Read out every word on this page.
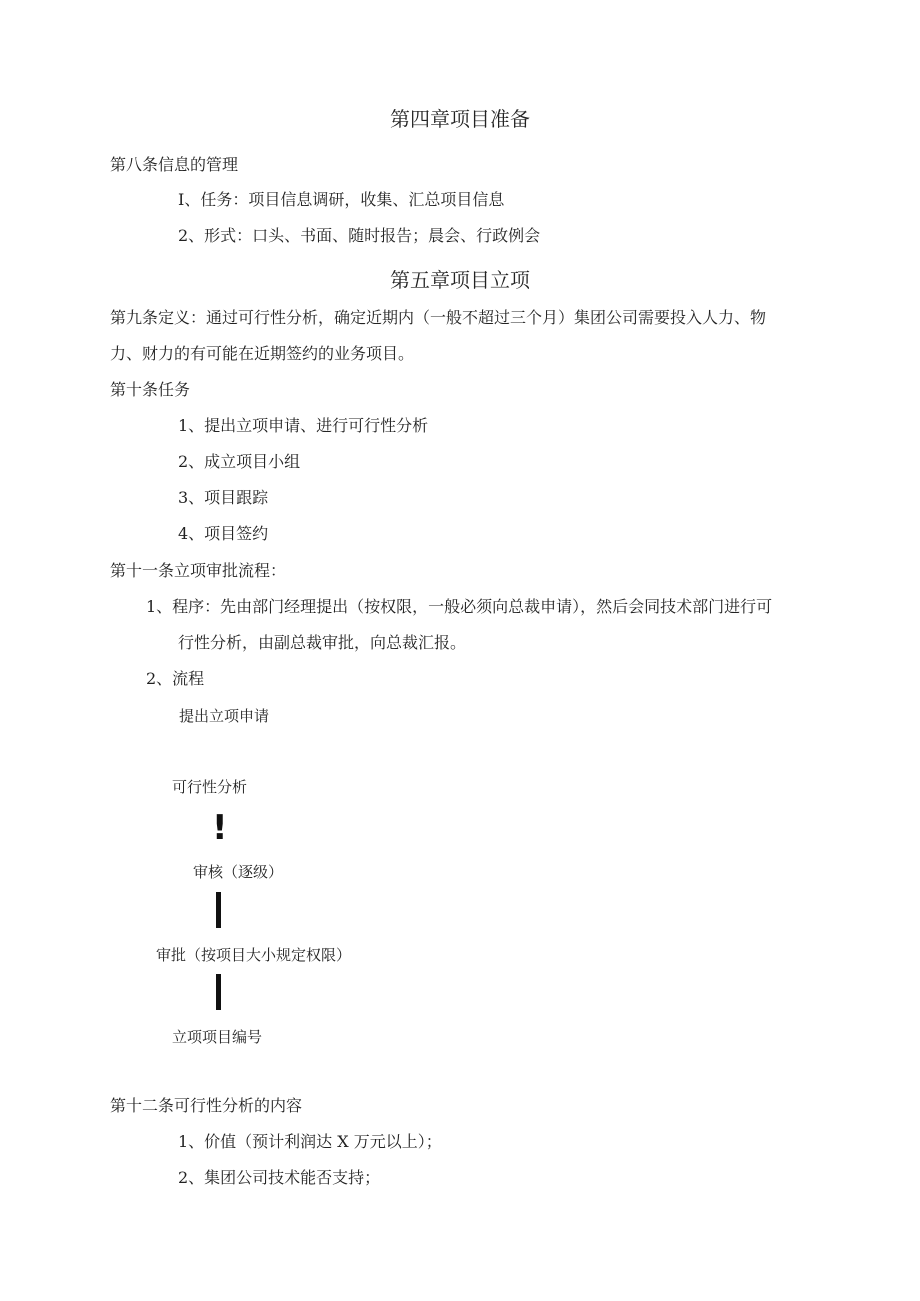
第四章项目准备
第八条信息的管理
I、任务：项目信息调研，收集、汇总项目信息
2、形式：口头、书面、随时报告；晨会、行政例会
第五章项目立项
第九条定义：通过可行性分析，确定近期内（一般不超过三个月）集团公司需要投入人力、物
力、财力的有可能在近期签约的业务项目。
第十条任务
1、提出立项申请、进行可行性分析
2、成立项目小组
3、项目跟踪
4、项目签约
第十一条立项审批流程：
1、程序：先由部门经理提出（按权限，一般必须向总裁申请），然后会同技术部门进行可
行性分析，由副总裁审批，向总裁汇报。
2、流程
提出立项申请
可行性分析
!
审核（逐级）
审批（按项目大小规定权限）
立项项目编号
第十二条可行性分析的内容
1、价值（预计利润达 X 万元以上）；
2、集团公司技术能否支持；
